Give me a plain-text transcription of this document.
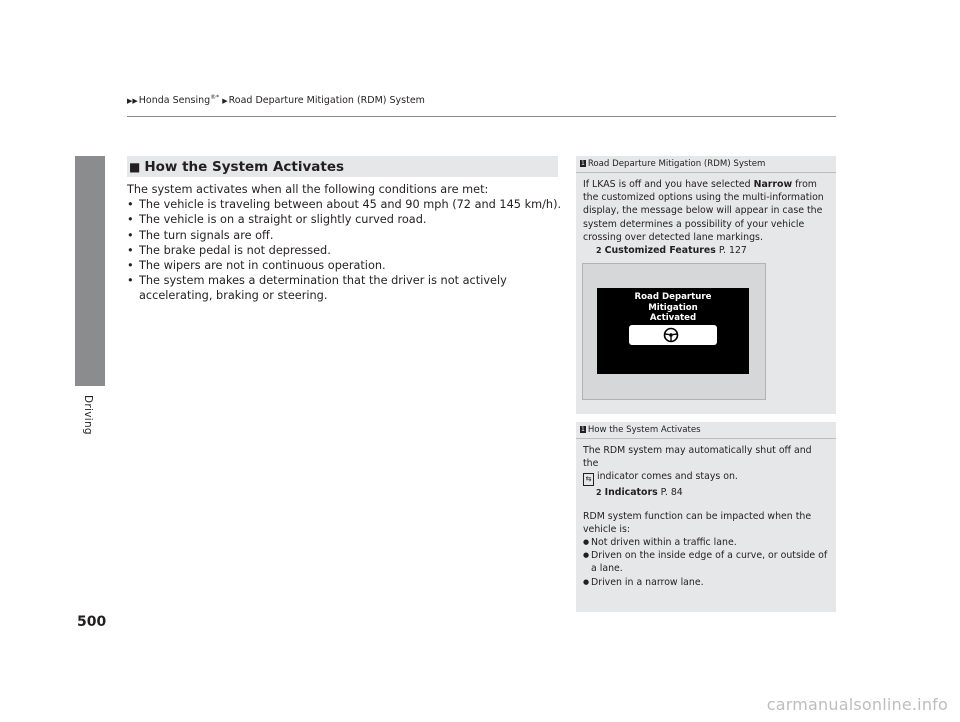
▶▶Honda Sensing®* ▶Road Departure Mitigation (RDM) System
Driving
500
■ How the System Activates
The system activates when all the following conditions are met:
• The vehicle is traveling between about 45 and 90 mph (72 and 145 km/h).
• The vehicle is on a straight or slightly curved road.
• The turn signals are off.
• The brake pedal is not depressed.
• The wipers are not in continuous operation.
• The system makes a determination that the driver is not actively accelerating, braking or steering.
1 Road Departure Mitigation (RDM) System

If LKAS is off and you have selected Narrow from the customized options using the multi-information display, the message below will appear in case the system determines a possibility of your vehicle crossing over detected lane markings.

2 Customized Features P. 127
Road Departure
Mitigation
Activated
1 How the System Activates

The RDM system may automatically shut off and the
⇆ indicator comes and stays on.

2 Indicators P. 84

RDM system function can be impacted when the vehicle is:

● Not driven within a traffic lane.
● Driven on the inside edge of a curve, or outside of a lane.
● Driven in a narrow lane.
carmanualsonline.info
